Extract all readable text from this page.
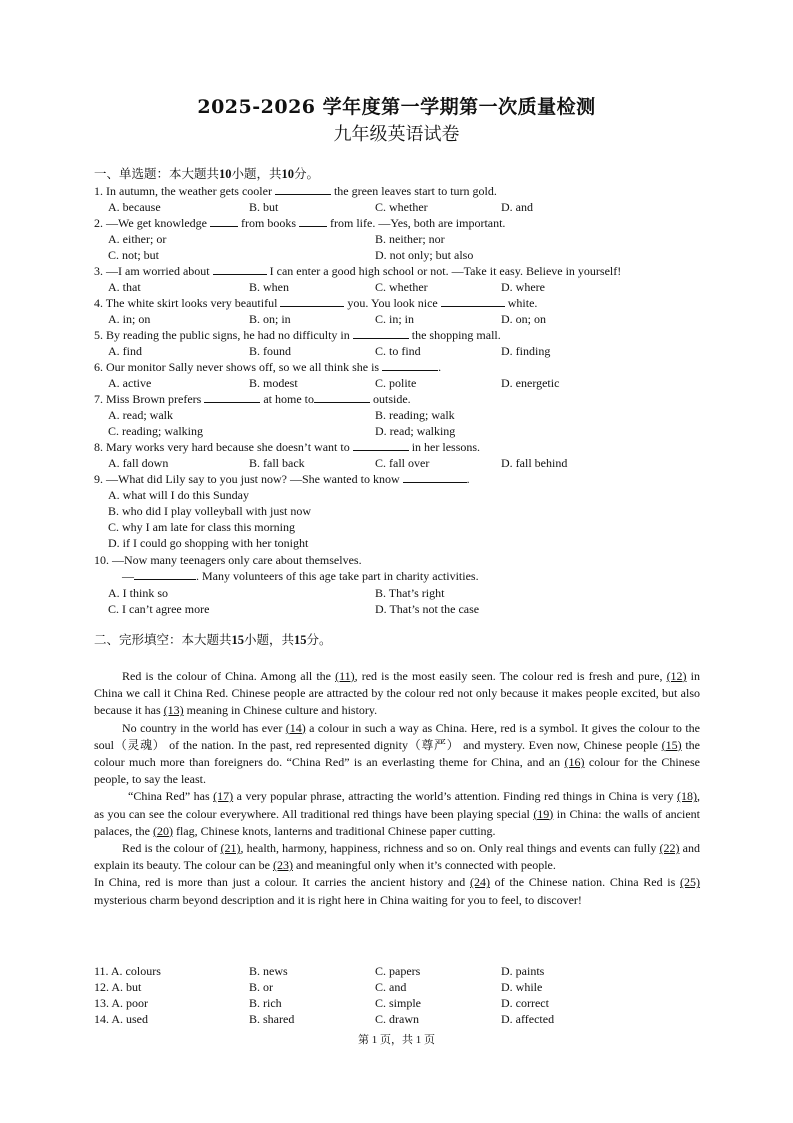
2025-2026 学年度第一学期第一次质量检测
九年级英语试卷
一、单选题：本大题共10小题，共10分。
1. In autumn, the weather gets cooler	the green leaves start to turn gold.
A. because	B. but	C. whether	D. and
2. —We get knowledge	from books	from life. —Yes, both are important.
A. either; or	B. neither; nor
C. not; but	D. not only; but also
3. —I am worried about	I can enter a good high school or not. —Take it easy. Believe in yourself!
A. that	B. when	C. whether	D. where
4. The white skirt looks very beautiful	you. You look nice	white.
A. in; on	B. on; in	C. in; in	D. on; on
5. By reading the public signs, he had no difficulty in	the shopping mall.
A. find	B. found	C. to find	D. finding
6. Our monitor Sally never shows off, so we all think she is	.
A. active	B. modest	C. polite	D. energetic
7. Miss Brown prefers	at home to	outside.
A. read; walk	B. reading; walk
C. reading; walking	D. read; walking
8. Mary works very hard because she doesn’t want to	in her lessons.
A. fall down	B. fall back	C. fall over	D. fall behind
9. —What did Lily say to you just now? —She wanted to know	.
A. what will I do this Sunday
B. who did I play volleyball with just now
C. why I am late for class this morning
D. if I could go shopping with her tonight
10. —Now many teenagers only care about themselves.
—	. Many volunteers of this age take part in charity activities.
A. I think so	B. That’s right
C. I can’t agree more	D. That’s not the case
二、完形填空：本大题共15小题，共15分。

Red is the colour of China. Among all the (11), red is the most easily seen. The colour red is fresh and pure, (12) in China we call it China Red. Chinese people are attracted by the colour red not only because it makes people excited, but also because it has (13) meaning in Chinese culture and history.

No country in the world has ever (14) a colour in such a way as China. Here, red is a symbol. It gives the colour to the soul（灵魂） of the nation. In the past, red represented dignity（尊严） and mystery. Even now, Chinese people (15) the colour much more than foreigners do. “China Red” is an everlasting theme for China, and an (16) colour for the Chinese people, to say the least.

“China Red” has (17) a very popular phrase, attracting the world’s attention. Finding red things in China is very (18), as you can see the colour everywhere. All traditional red things have been playing special (19) in China: the walls of ancient palaces, the (20) flag, Chinese knots, lanterns and traditional Chinese paper cutting.

Red is the colour of (21), health, harmony, happiness, richness and so on. Only real things and events can fully (22) and explain its beauty. The colour can be (23) and meaningful only when it’s connected with people.

In China, red is more than just a colour. It carries the ancient history and (24) of the Chinese nation. China Red is (25) mysterious charm beyond description and it is right here in China waiting for you to feel, to discover!

11. A. colours	B. news	C. papers	D. paints
12. A. but	B. or	C. and	D. while
13. A. poor	B. rich	C. simple	D. correct
14. A. used	B. shared	C. drawn	D. affected
第 1 页，共 1 页
